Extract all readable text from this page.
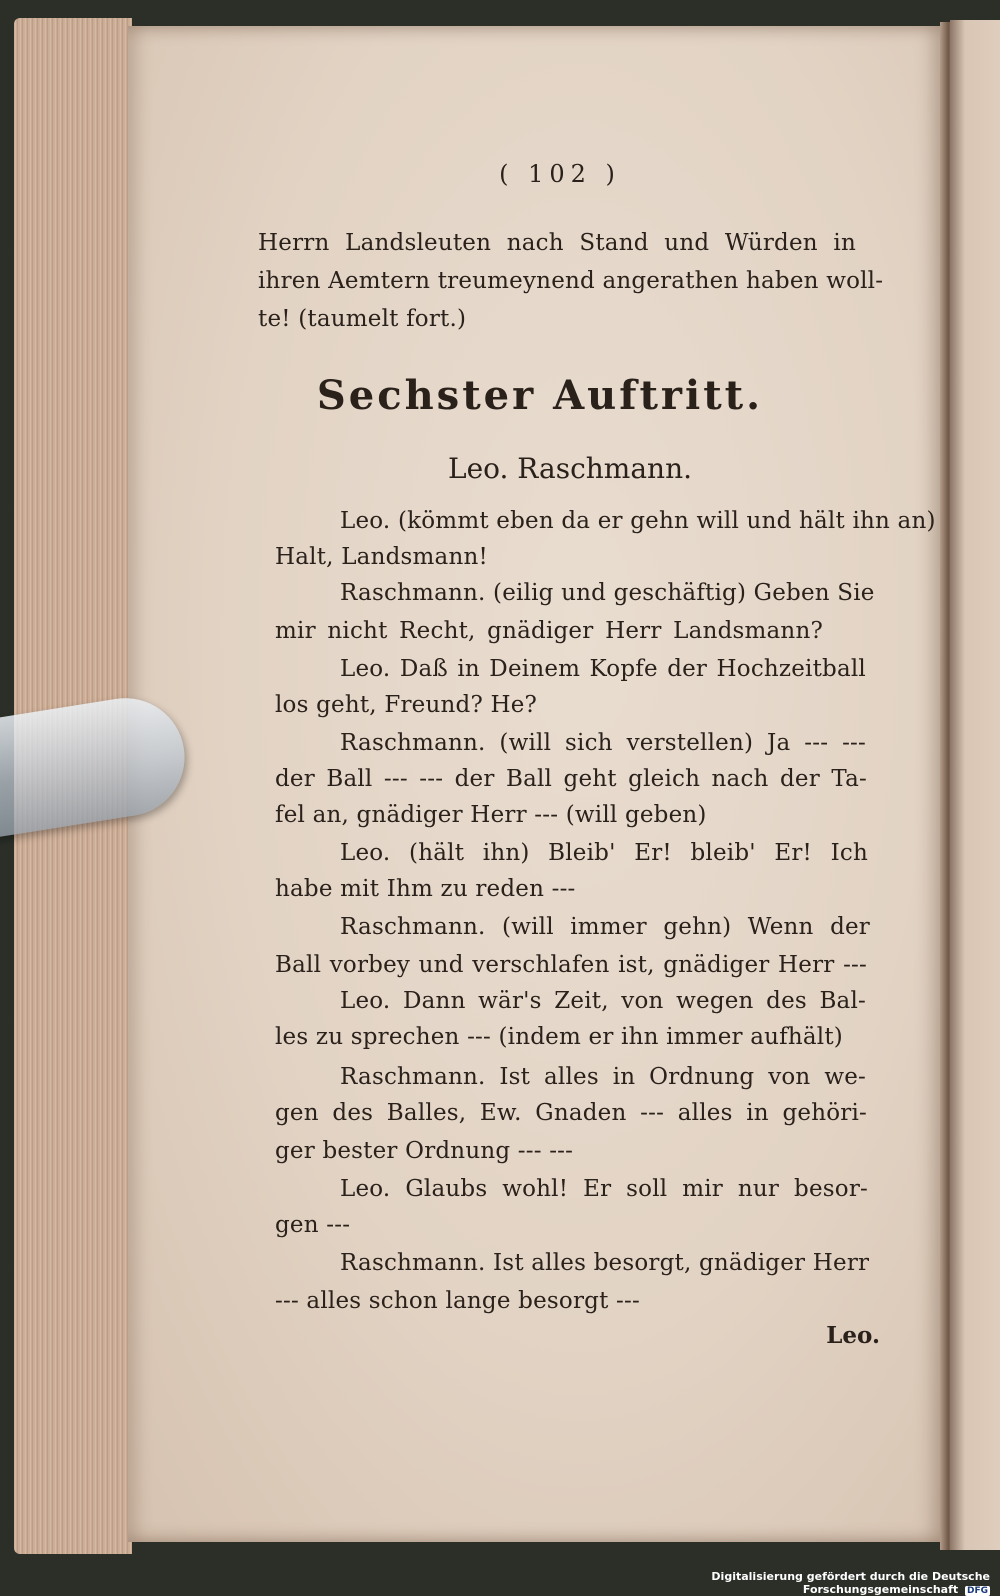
( 102 )
Herrn Landsleuten nach Stand und Würden in
ihren Aemtern treumeynend angerathen haben woll-
te! (taumelt fort.)
Sechster Auftritt.
Leo. Raschmann.
Leo. (kömmt eben da er gehn will und hält ihn an)
Halt, Landsmann!
Raschmann. (eilig und geschäftig) Geben Sie
mir nicht Recht, gnädiger Herr Landsmann?
Leo. Daß in Deinem Kopfe der Hochzeitball
los geht, Freund? He?
Raschmann. (will sich verstellen) Ja --- ---
der Ball --- --- der Ball geht gleich nach der Ta-
fel an, gnädiger Herr --- (will geben)
Leo. (hält ihn) Bleib' Er! bleib' Er! Ich
habe mit Ihm zu reden ---
Raschmann. (will immer gehn) Wenn der
Ball vorbey und verschlafen ist, gnädiger Herr ---
Leo. Dann wär's Zeit, von wegen des Bal-
les zu sprechen --- (indem er ihn immer aufhält)
Raschmann. Ist alles in Ordnung von we-
gen des Balles, Ew. Gnaden --- alles in gehöri-
ger bester Ordnung --- ---
Leo. Glaubs wohl! Er soll mir nur besor-
gen ---
Raschmann. Ist alles besorgt, gnädiger Herr
--- alles schon lange besorgt ---
Leo.
Digitalisierung gefördert durch die Deutsche Forschungsgemeinschaft DFG
